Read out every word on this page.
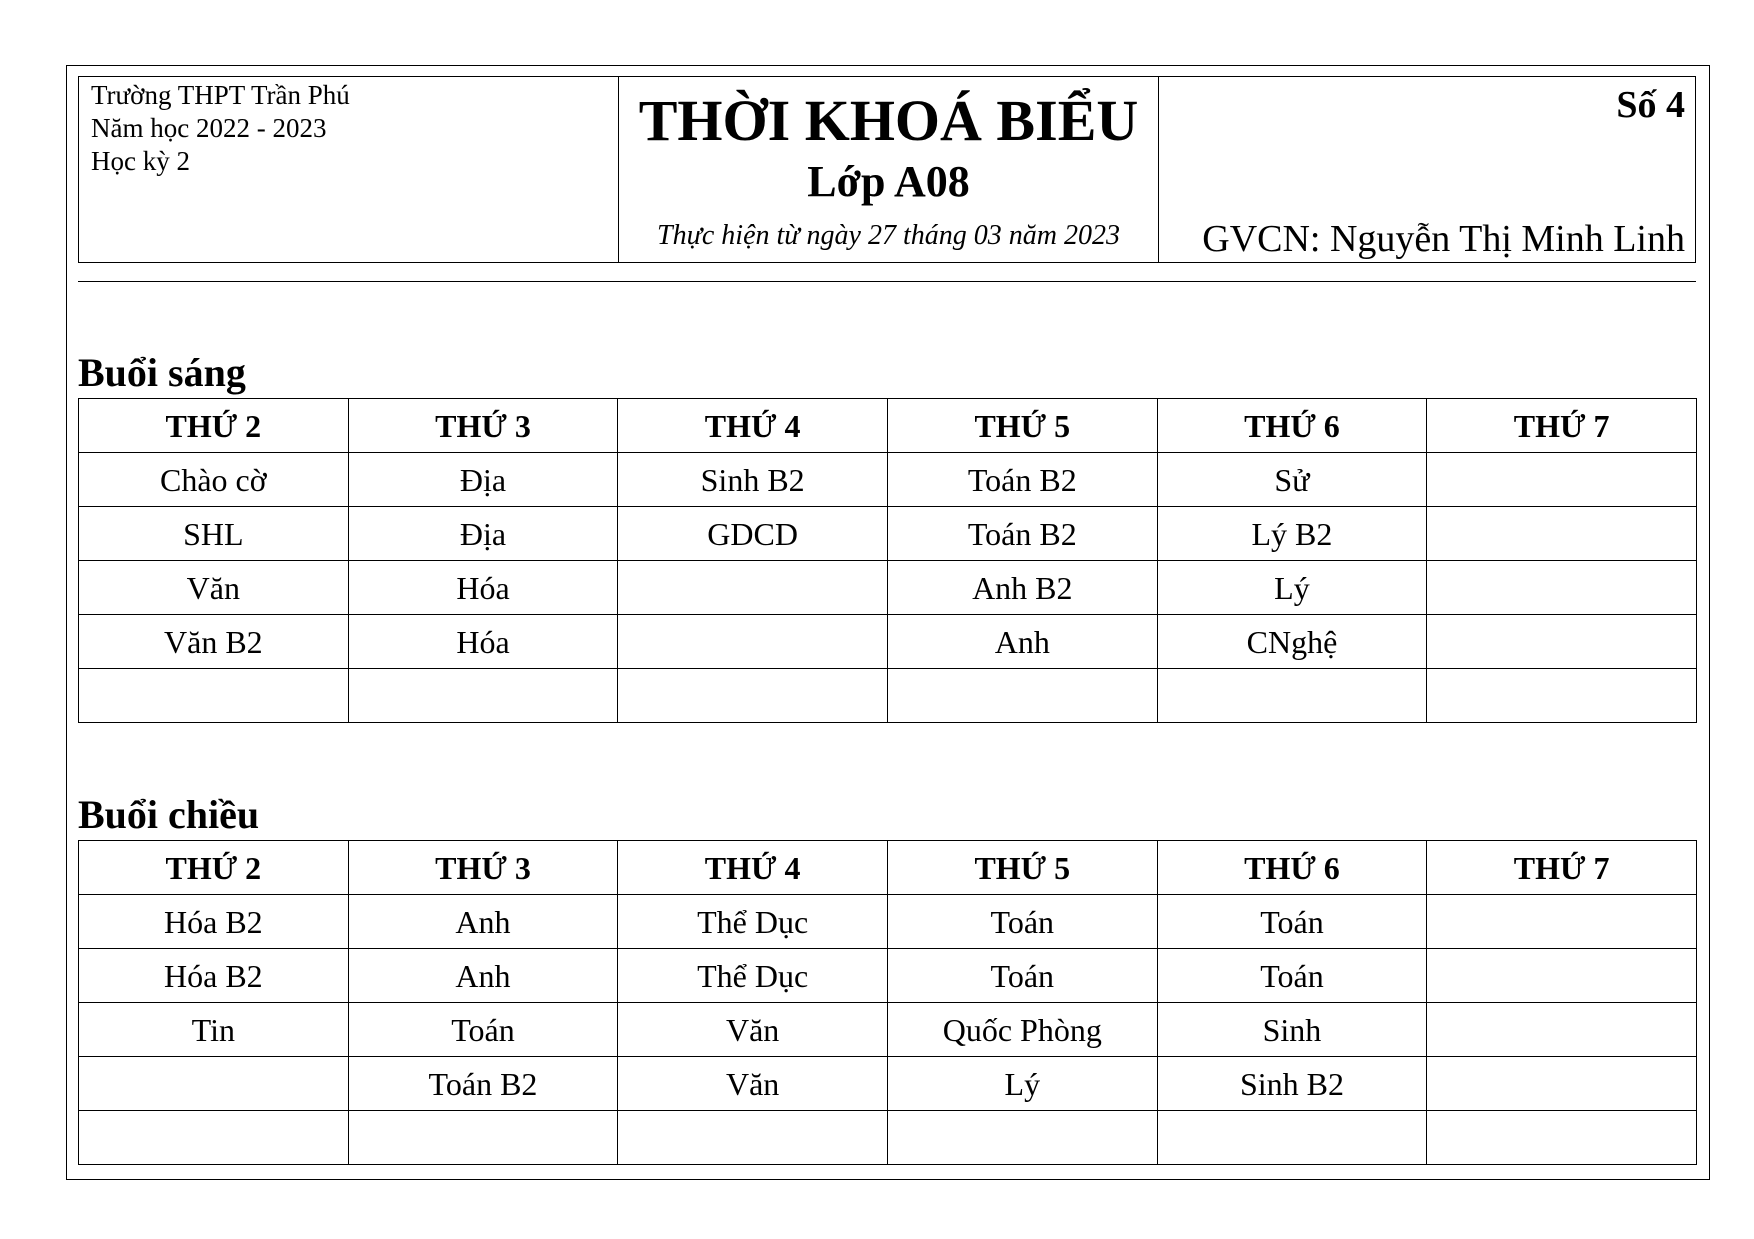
Trường THPT Trần Phú
Năm học 2022 - 2023
Học kỳ 2
THỜI KHOÁ BIỂU
Lớp A08
Thực hiện từ ngày 27 tháng 03 năm 2023
Số 4
GVCN: Nguyễn Thị Minh Linh
Buổi sáng
THỨ 2	THỨ 3	THỨ 4	THỨ 5	THỨ 6	THỨ 7
Chào cờ	Địa	Sinh B2	Toán B2	Sử	
SHL	Địa	GDCD	Toán B2	Lý B2	
Văn	Hóa		Anh B2	Lý	
Văn B2	Hóa		Anh	CNghệ	

Buổi chiều
THỨ 2	THỨ 3	THỨ 4	THỨ 5	THỨ 6	THỨ 7
Hóa B2	Anh	Thể Dục	Toán	Toán	
Hóa B2	Anh	Thể Dục	Toán	Toán	
Tin	Toán	Văn	Quốc Phòng	Sinh	
	Toán B2	Văn	Lý	Sinh B2	
